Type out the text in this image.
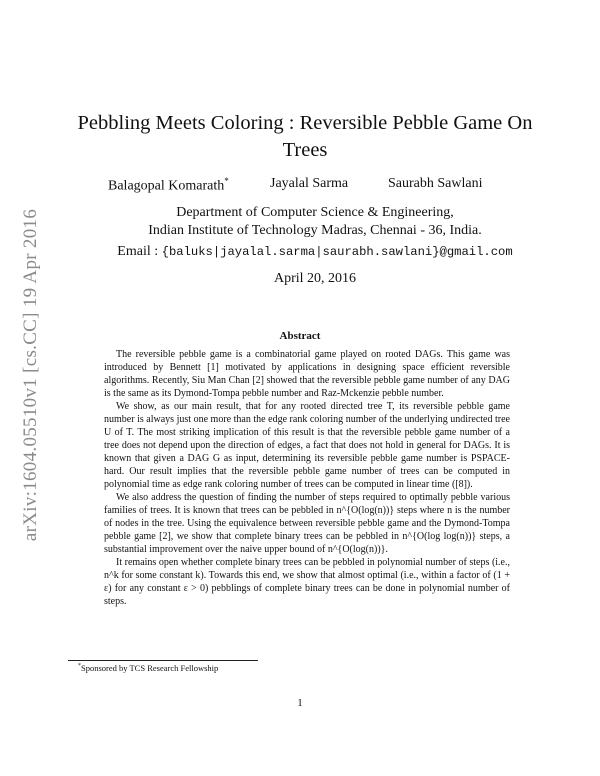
arXiv:1604.05510v1 [cs.CC] 19 Apr 2016
Pebbling Meets Coloring : Reversible Pebble Game On Trees
Balagopal Komarath*	Jayalal Sarma	Saurabh Sawlani
Department of Computer Science & Engineering,
Indian Institute of Technology Madras, Chennai - 36, India.
Email : {baluks|jayalal.sarma|saurabh.sawlani}@gmail.com
April 20, 2016
Abstract

The reversible pebble game is a combinatorial game played on rooted DAGs. This game was introduced by Bennett [1] motivated by applications in designing space efficient reversible algorithms. Recently, Siu Man Chan [2] showed that the reversible pebble game number of any DAG is the same as its Dymond-Tompa pebble number and Raz-Mckenzie pebble number.

We show, as our main result, that for any rooted directed tree T, its reversible pebble game number is always just one more than the edge rank coloring number of the underlying undirected tree U of T. The most striking implication of this result is that the reversible pebble game number of a tree does not depend upon the direction of edges, a fact that does not hold in general for DAGs. It is known that given a DAG G as input, determining its reversible pebble game number is PSPACE-hard. Our result implies that the reversible pebble game number of trees can be computed in polynomial time as edge rank coloring number of trees can be computed in linear time ([8]).

We also address the question of finding the number of steps required to optimally pebble various families of trees. It is known that trees can be pebbled in n^{O(log(n))} steps where n is the number of nodes in the tree. Using the equivalence between reversible pebble game and the Dymond-Tompa pebble game [2], we show that complete binary trees can be pebbled in n^{O(log log(n))} steps, a substantial improvement over the naive upper bound of n^{O(log(n))}.

It remains open whether complete binary trees can be pebbled in polynomial number of steps (i.e., n^k for some constant k). Towards this end, we show that almost optimal (i.e., within a factor of (1 + ε) for any constant ε > 0) pebblings of complete binary trees can be done in polynomial number of steps.

*Sponsored by TCS Research Fellowship
1
